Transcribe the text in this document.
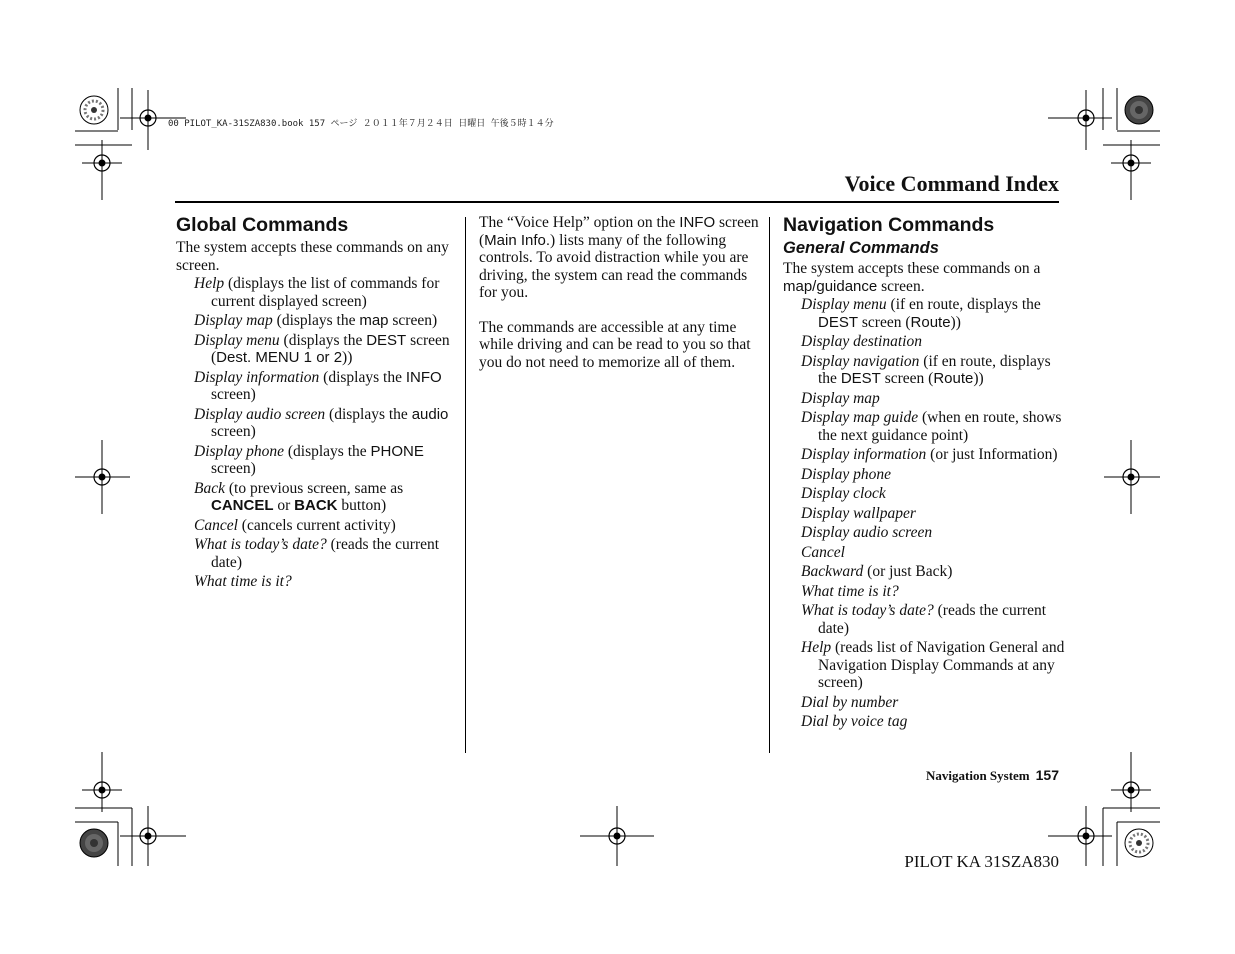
00 PILOT_KA-31SZA830.book 157 ページ ２０１１年７月２４日 日曜日 午後５時１４分
Voice Command Index
Global Commands

The system accepts these commands on any screen.

Help (displays the list of commands for current displayed screen)
Display map (displays the map screen)
Display menu (displays the DEST screen (Dest. MENU 1 or 2))
Display information (displays the INFO screen)
Display audio screen (displays the audio screen)
Display phone (displays the PHONE screen)
Back (to previous screen, same as CANCEL or BACK button)
Cancel (cancels current activity)
What is today’s date? (reads the current date)
What time is it?

The “Voice Help” option on the INFO screen (Main Info.) lists many of the following controls. To avoid distraction while you are driving, the system can read the commands for you.

The commands are accessible at any time while driving and can be read to you so that you do not need to memorize all of them.

Navigation Commands
General Commands

The system accepts these commands on a map/guidance screen.

Display menu (if en route, displays the DEST screen (Route))
Display destination
Display navigation (if en route, displays the DEST screen (Route))
Display map
Display map guide (when en route, shows the next guidance point)
Display information (or just Information)
Display phone
Display clock
Display wallpaper
Display audio screen
Cancel
Backward (or just Back)
What time is it?
What is today’s date? (reads the current date)
Help (reads list of Navigation General and Navigation Display Commands at any screen)
Dial by number
Dial by voice tag
Navigation System 157
PILOT KA 31SZA830
